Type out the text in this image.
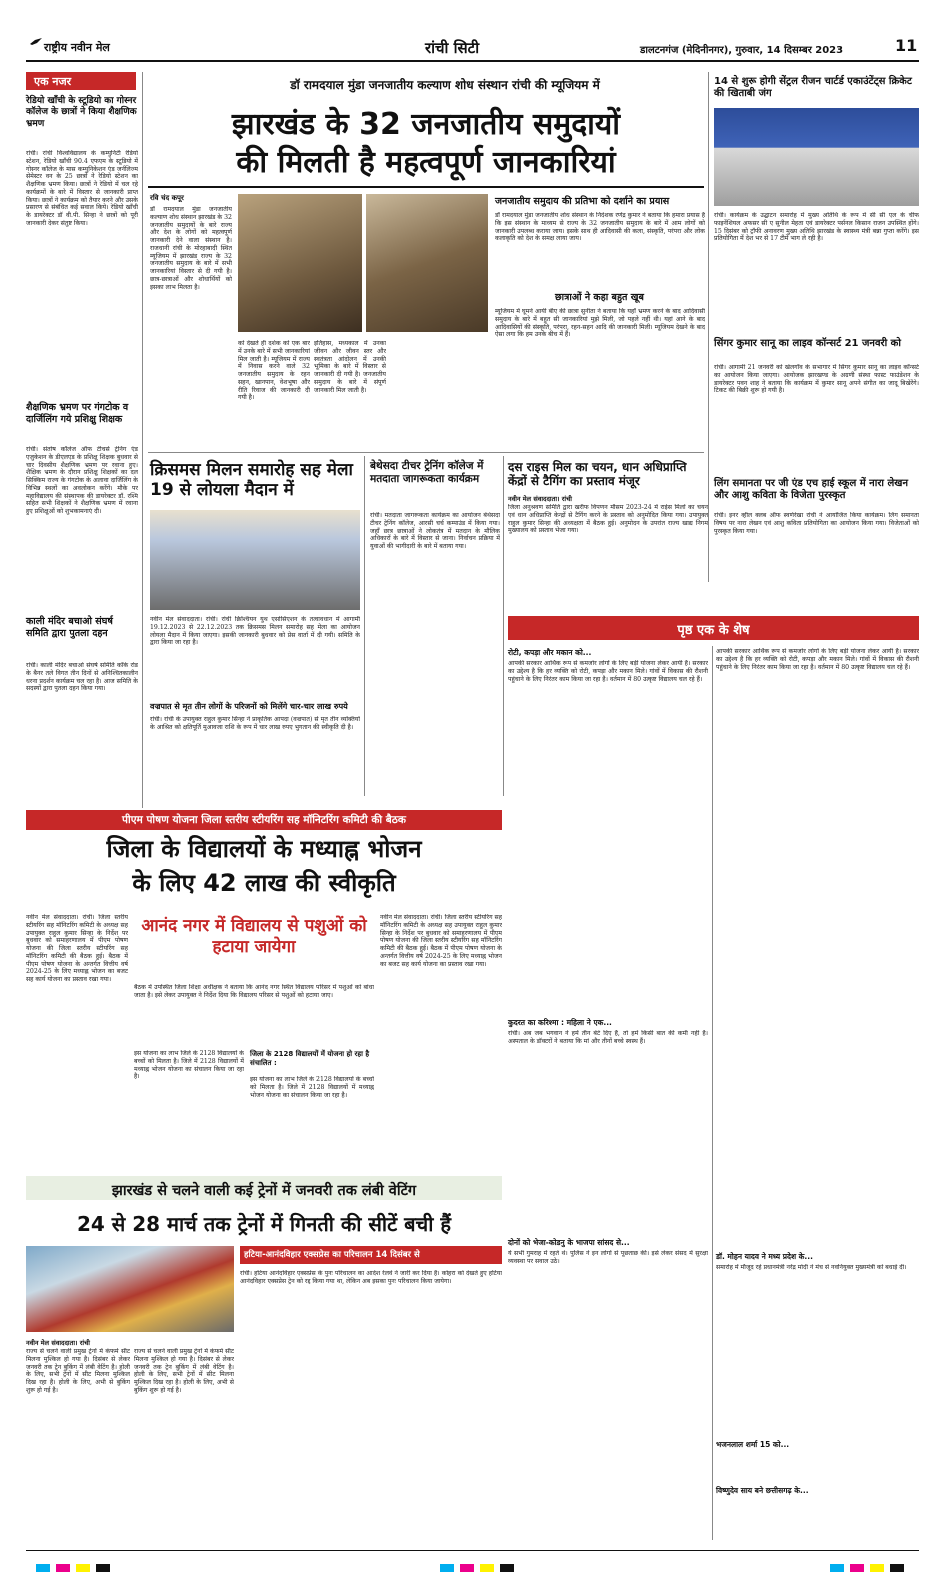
राष्ट्रीय नवीन मेल	रांची सिटी	डालटनगंज (मेदिनीनगर), गुरुवार, 14 दिसम्बर 2023	11
एक नजर
रेडियो खाँची के स्टूडियो का गोस्नर कॉलेज के छात्रों ने किया शैक्षणिक भ्रमण
रांची। रांची विश्वविद्यालय के कम्युनिटी रेडियो स्टेशन, रेडियो खाँची 90.4 एफएम के स्टूडियो में गोस्नर कॉलेज के मास कम्युनिकेशन एंड जर्नलिज्म सेमेस्टर वन के 25 छात्रों ने रेडियो स्टेशन का शैक्षणिक भ्रमण किया। छात्रों ने रेडियो में चल रहे कार्यक्रमों के बारे में विस्तार से जानकारी प्राप्त किया। छात्रों ने कार्यक्रम को तैयार करने और उसके प्रसारण से संबंधित कई सवाल किये। रेडियो खाँची के डायरेक्टर डॉ वी.पी. सिन्हा ने छात्रों को पूरी जानकारी देकर संतुष्ट किया।
शैक्षणिक भ्रमण पर गंगटोक व दार्जिलिंग गये प्रशिक्षु शिक्षक
रांची। संतोष कॉलेज ऑफ टीचर्स ट्रेनिंग एंड एजुकेशन के डीएलएड के प्रशिक्षु शिक्षक बुधवार से चार दिवसीय शैक्षणिक भ्रमण पर रवाना हुए। शैक्षिक भ्रमण के दौरान प्रशिक्षु शिक्षकों का दल सिक्किम राज्य के गंगटोक के अलावा दार्जिलिंग के विभिन्न स्थलों का अवलोकन करेंगे। मौके पर महाविद्यालय की संस्थापक की डायरेक्टर डॉ. रश्मि सहित सभी शिक्षकों ने शैक्षणिक भ्रमण में रवाना हुए प्रशिक्षुओं को शुभकामनाएं दी।
काली मंदिर बचाओ संघर्ष समिति द्वारा पुतला दहन
रांची। काली मंदिर बचाओ संघर्ष समिति काँके रोड के बैनर तले विगत तीन दिनों से अनिश्चितकालीन धरना प्रदर्शन कार्यक्रम चल रहा है। आज समिति के सदस्यों द्वारा पुतला दहन किया गया।
डॉ रामदयाल मुंडा जनजातीय कल्याण शोध संस्थान रांची की म्यूजियम में
झारखंड के 32 जनजातीय समुदायों
की मिलती है महत्वपूर्ण जानकारियां
रवि चंद कपूर
डॉ रामदयाल मुंडा जनजातीय कल्याण शोध संस्थान झारखंड के 32 जनजातीय समुदायों के बारे राज्य और देश के लोगों को महत्वपूर्ण जानकारी देने वाला संस्थान है। राजधानी रांची के मोरहाबादी स्थित म्यूजियम में झारखंड राज्य के 32 जनजातीय समुदाय के बारे में सभी जानकारियां विस्तार से दी गयी है। छात्र-छात्राओं और शोधार्थियों को इसका लाभ मिलता है।
को देखते ही दर्शक को एक बार में उनके बारे में सभी जानकारियां मिल जाती है। म्यूजियम में राज्य में निवास करने वाले 32 जनजातीय समुदाय के रहन सहन, खानपान, वेशभूषा और रीति रिवाज की जानकारी दी गयी है।
इतिहास, मध्यकाल में उनका जीवन और जीवन स्तर और स्वतंत्रता आंदोलन में उनकी भूमिका के बारे में विस्तार से जानकारी दी गयी है। जनजातीय समुदाय के बारे में संपूर्ण जानकारी मिल जाती है।
जनजातीय समुदाय की प्रतिभा को दर्शाने का प्रयास
डॉ रामदयाल मुंडा जनजातीय शोध संस्थान के निदेशक रणेंद्र कुमार ने बताया कि हमारा प्रयास है कि इस संस्थान के माध्यम से राज्य के 32 जनजातीय समुदाय के बारे में आम लोगों को जानकारी उपलब्ध कराया जाय। इसके साथ ही आदिवासी की कला, संस्कृति, परंपरा और लोक कलाकृति को देश के समक्ष लाया जाय।
छात्राओं ने कहा बहुत खूब
म्यूजियम में घूमने आयी बीए की छात्रा सुनीता ने बताया कि यहाँ भ्रमण करने के बाद आदिवासी समुदाय के बारे में बहुत सी जानकारियां मुझे मिली, जो पहले नहीं थी। यहां आने के बाद आदिवासियों की संस्कृति, परंपरा, रहन-सहन आदि की जानकारी मिली। म्यूजियम देखने के बाद ऐसा लगा कि हम उनके बीच में हैं।
14 से शुरू होगी सेंट्रल रीजन चार्टर्ड एकाउंटेंट्स क्रिकेट की खिताबी जंग
रांची। कार्यक्रम के उद्घाटन समारोह में मुख्य अतिथि के रूप में सी सी एल के चीफ फाइनेंशियल अफसर सी ए सुनील मेहता एवं डायरेक्टर पर्सनल किसान राजन उपस्थित होंगे। 15 दिसंबर को ट्रॉफी अनावरण मुख्य अतिथि झारखंड के स्वास्थ्य मंत्री बन्ना गुप्ता करेंगे। इस प्रतियोगिता में देश भर से 17 टीमें भाग ले रही है।
सिंगर कुमार सानू का लाइव कॉन्सर्ट 21 जनवरी को
रांची। आगामी 21 जनवरी को खेलगाँव के सभागार में सिंगर कुमार सानू का लाइव कॉन्सर्ट का आयोजन किया जाएगा। आयोजक झारखण्ड के अग्रणी संस्था फास्ट फाउंडेशन के डायरेक्टर पवन शाह ने बताया कि कार्यक्रम में कुमार सानू अपने संगीत का जादू बिखेरेंगे। टिकट की बिक्री शुरू हो गयी है।
लिंग समानता पर जी एंड एच हाई स्कूल में नारा लेखन और आशु कविता के विजेता पुरस्कृत
रांची। इनर व्हील क्लब ऑफ स्वर्णरेखा रांची ने आयोजित किया कार्यक्रम। लिंग समानता विषय पर नारा लेखन एवं आशु कविता प्रतियोगिता का आयोजन किया गया। विजेताओं को पुरस्कृत किया गया।
क्रिसमस मिलन समारोह सह मेला 19 से लोयला मैदान में
नवीन मेल संवाददाता। रांची। रांची क्रिश्चियन युथ एसोसिएशन के तत्वावधान में आगामी 19.12.2023 से 22.12.2023 तक क्रिसमस मिलन समारोह सह मेला का आयोजन लोयला मैदान में किया जाएगा। इसकी जानकारी बुधवार को प्रेस वार्ता में दी गयी। समिति के द्वारा किया जा रहा है।
वज्रपात से मृत तीन लोगों के परिजनों को मिलेंगे चार-चार लाख रुपये
रांची। रांची के उपायुक्त राहुल कुमार सिन्हा ने प्राकृतिक आपदा (वज्रपात) से मृत तीन व्यक्तियों के आश्रित को क्षतिपूर्ति मुआवजा राशि के रूप में चार लाख रुपए भुगतान की स्वीकृति दी है।
बेथेसदा टीचर ट्रेनिंग कॉलेज में मतदाता जागरूकता कार्यक्रम
रांची। मतदाता जागरूकता कार्यक्रम का आयोजन बेथेसदा टीचर ट्रेनिंग कॉलेज, आरसी चर्च कम्पाउंड में किया गया। जहाँ छात्र छात्राओं ने लोकतंत्र में मतदान के मौलिक अधिकारों के बारे में विस्तार से जाना। निर्वाचन प्रक्रिया में युवाओं की भागीदारी के बारे में बताया गया।
दस राइस मिल का चयन, धान अधिप्राप्ति केंद्रों से टैगिंग का प्रस्ताव मंजूर
नवीन मेल संवाददाता। रांची
जिला अनुश्रवण समिति द्वारा खरीफ विपणन मौसम 2023-24 में राईस मिलों का चयन एवं धान अधिप्राप्ति केन्द्रों से टैगिंग करने के प्रस्ताव को अनुमोदित किया गया। उपायुक्त राहुल कुमार सिन्हा की अध्यक्षता में बैठक हुई। अनुमोदन के उपरांत राज्य खाद्य निगम मुख्यालय को प्रस्ताव भेजा गया।
पृष्ठ एक के शेष
रोटी, कपड़ा और मकान को...
आपकी सरकार आर्थिक रूप से कमजोर लोगों के लिए बड़ी योजना लेकर आयी है। सरकार का उद्देश्य है कि हर व्यक्ति को रोटी, कपड़ा और मकान मिले। गांवों में विकास की रौशनी पहुंचाने के लिए निरंतर काम किया जा रहा है। वर्तमान में 80 उत्कृष्ट विद्यालय चल रहे हैं।
कुदरत का करिश्मा : महिला ने एक...
रांची। अब जब भगवान ने हमें तीन बेटे दिए हैं, तो हमें किसी बात की कमी नहीं है। अस्पताल के डॉक्टरों ने बताया कि मां और तीनों बच्चे स्वस्थ हैं।
दोनों को भेजा-कोडनु के भाजपा सांसद से...
ये सभी गुमराह में रहते थे। पुलिस ने इन लोगों से पूछताछ की। इसे लेकर संसद में सुरक्षा व्यवस्था पर सवाल उठे।
आपकी सरकार आर्थिक रूप से कमजोर लोगों के लिए बड़ी योजना लेकर आयी है। सरकार का उद्देश्य है कि हर व्यक्ति को रोटी, कपड़ा और मकान मिले। गांवों में विकास की रौशनी पहुंचाने के लिए निरंतर काम किया जा रहा है। वर्तमान में 80 उत्कृष्ट विद्यालय चल रहे हैं।
डॉ. मोहन यादव ने मध्य प्रदेश के...
समारोह में मौजूद रहे प्रधानमंत्री नरेंद्र मोदी ने मंच से नवनियुक्त मुख्यमंत्री को बधाई दी।
भजनलाल शर्मा 15 को...
विष्णुदेव साय बने छत्तीसगढ़ के...
पीएम पोषण योजना जिला स्तरीय स्टीयरिंग सह मॉनिटरिंग कमिटी की बैठक
जिला के विद्यालयों के मध्याह्न भोजन
के लिए 42 लाख की स्वीकृति
नवीन मेल संवाददाता। रांची। जिला स्तरीय स्टीयरिंग सह मॉनिटरिंग कमिटी के अध्यक्ष सह उपायुक्त राहुल कुमार सिन्हा के निर्देश पर बुधवार को समाहरणालय में पीएम पोषण योजना की जिला स्तरीय स्टीयरिंग सह मॉनिटरिंग कमिटी की बैठक हुई। बैठक में पीएम पोषण योजना के अन्तर्गत वित्तीय वर्ष 2024-25 के लिए मध्याह्न भोजन का बजट सह कार्य योजना का प्रस्ताव रखा गया।
आनंद नगर में विद्यालय से पशुओं को हटाया जायेगा
बैठक में उपस्थित जिला शिक्षा अधीक्षक ने बताया कि आनंद नगर स्थित विद्यालय परिसर में पशुओं को बांधा जाता है। इसे लेकर उपायुक्त ने निर्देश दिया कि विद्यालय परिसर से पशुओं को हटाया जाए।
इस योजना का लाभ जिले के 2128 विद्यालयों के बच्चों को मिलता है। जिले में 2128 विद्यालयों में मध्याह्न भोजन योजना का संचालन किया जा रहा है।
जिला के 2128 विद्यालयों में योजना हो रहा है संचालित :
इस योजना का लाभ जिले के 2128 विद्यालयों के बच्चों को मिलता है। जिले में 2128 विद्यालयों में मध्याह्न भोजन योजना का संचालन किया जा रहा है।
नवीन मेल संवाददाता। रांची। जिला स्तरीय स्टीयरिंग सह मॉनिटरिंग कमिटी के अध्यक्ष सह उपायुक्त राहुल कुमार सिन्हा के निर्देश पर बुधवार को समाहरणालय में पीएम पोषण योजना की जिला स्तरीय स्टीयरिंग सह मॉनिटरिंग कमिटी की बैठक हुई। बैठक में पीएम पोषण योजना के अन्तर्गत वित्तीय वर्ष 2024-25 के लिए मध्याह्न भोजन का बजट सह कार्य योजना का प्रस्ताव रखा गया।
झारखंड से चलने वाली कई ट्रेनों में जनवरी तक लंबी वेटिंग
24 से 28 मार्च तक ट्रेनों में गिनती की सीटें बची हैं
नवीन मेल संवाददाता। रांची
राज्य से चलने वाली प्रमुख ट्रेनों में कंफर्म सीट मिलना मुश्किल हो गया है। दिसंबर से लेकर जनवरी तक ट्रेन बुकिंग में लंबी वेटिंग है। होली के लिए, सभी ट्रेनों में सीट मिलना मुश्किल दिख रहा है। होली के लिए, अभी से बुकिंग शुरू हो गई है।
राज्य से चलने वाली प्रमुख ट्रेनों में कंफर्म सीट मिलना मुश्किल हो गया है। दिसंबर से लेकर जनवरी तक ट्रेन बुकिंग में लंबी वेटिंग है। होली के लिए, सभी ट्रेनों में सीट मिलना मुश्किल दिख रहा है। होली के लिए, अभी से बुकिंग शुरू हो गई है।
हटिया-आनंदविहार एक्सप्रेस का परिचालन 14 दिसंबर से
रांची। हटिया आनंदविहार एक्सप्रेस के पुनः परिचालन का आदेश रेलवे ने जारी कर दिया है। कोहरा को देखते हुए हटिया आनंदविहार एक्सप्रेस ट्रेन को रद्द किया गया था, लेकिन अब इसका पुनः परिचालन किया जायेगा।
